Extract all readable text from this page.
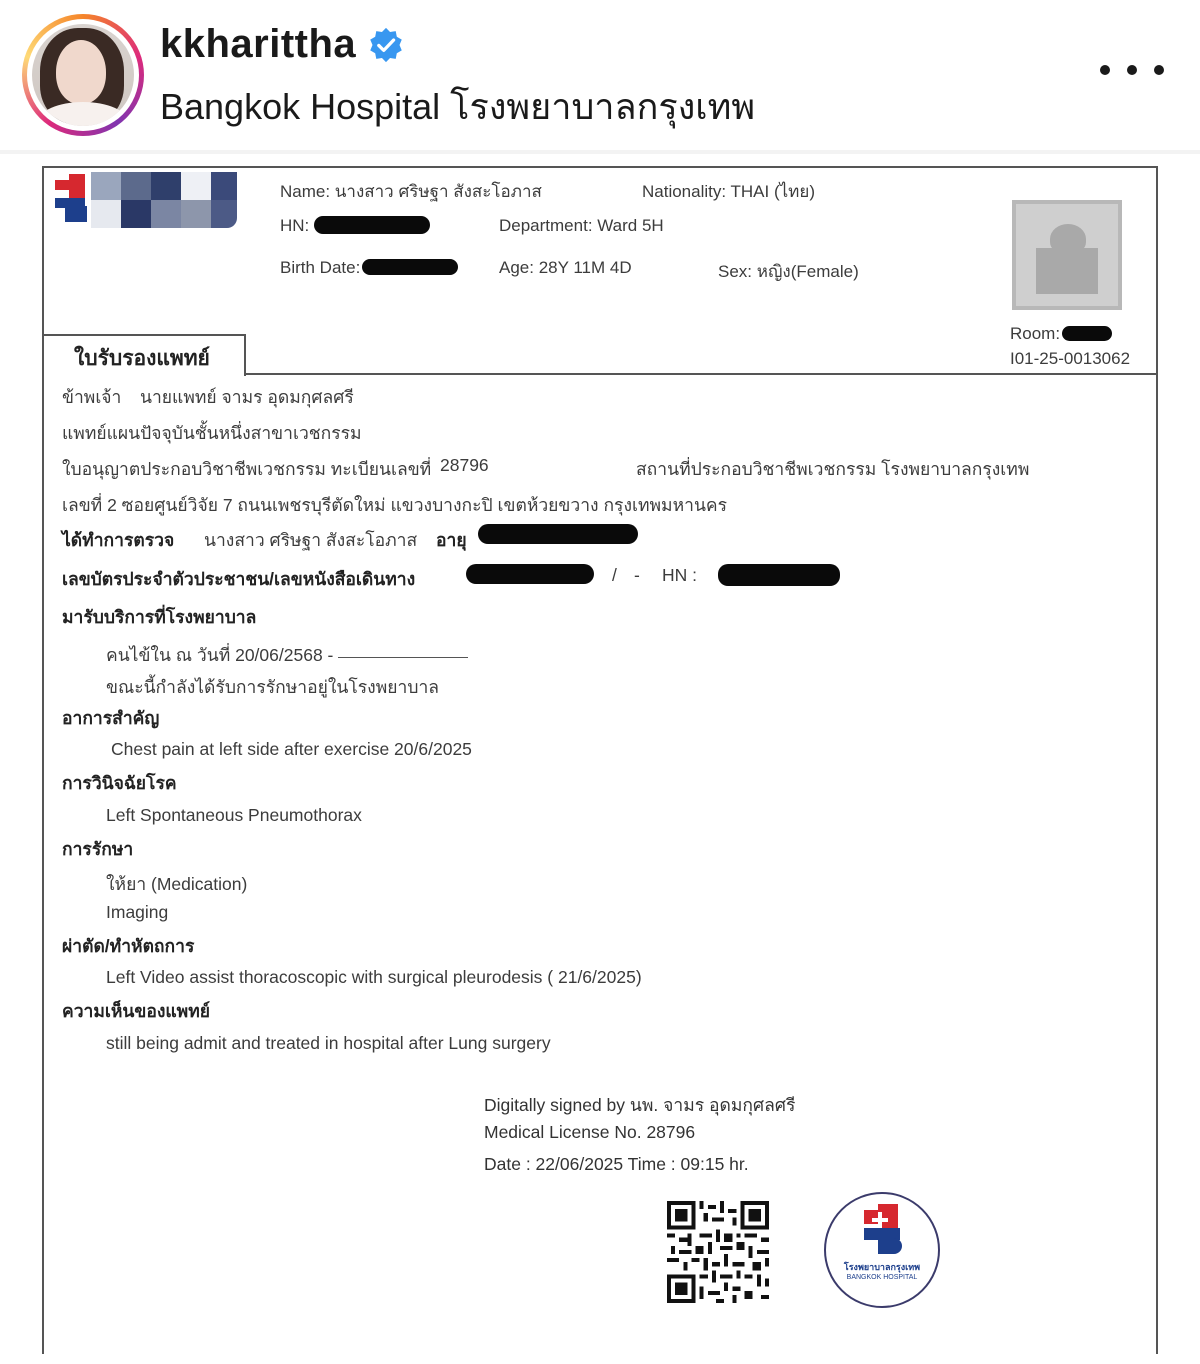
kkharittha
Bangkok Hospital โรงพยาบาลกรุงเทพ
Name: นางสาว ศริษฐา สังสะโอภาส	Nationality: THAI (ไทย)
HN:	Department: Ward 5H
Birth Date:	Age: 28Y 11M 4D	Sex: หญิง(Female)
Room:
I01-25-0013062
ใบรับรองแพทย์
ข้าพเจ้า นายแพทย์ จามร อุดมกุศลศรี
แพทย์แผนปัจจุบันชั้นหนึ่งสาขาเวชกรรม
ใบอนุญาตประกอบวิชาชีพเวชกรรม ทะเบียนเลขที่ 28796	สถานที่ประกอบวิชาชีพเวชกรรม โรงพยาบาลกรุงเทพ
เลขที่ 2 ซอยศูนย์วิจัย 7 ถนนเพชรบุรีตัดใหม่ แขวงบางกะปิ เขตห้วยขวาง กรุงเทพมหานคร
ได้ทำการตรวจ นางสาว ศริษฐา สังสะโอภาส อายุ
เลขบัตรประจำตัวประชาชน/เลขหนังสือเดินทาง	/ - HN :
มารับบริการที่โรงพยาบาล
คนไข้ใน ณ วันที่ 20/06/2568 -
ขณะนี้กำลังได้รับการรักษาอยู่ในโรงพยาบาล
อาการสำคัญ
Chest pain at left side after exercise 20/6/2025
การวินิจฉัยโรค
Left Spontaneous Pneumothorax
การรักษา
ให้ยา (Medication)
Imaging
ผ่าตัด/ทำหัตถการ
Left Video assist thoracoscopic with surgical pleurodesis ( 21/6/2025)
ความเห็นของแพทย์
still being admit and treated in hospital after Lung surgery
Digitally signed by นพ. จามร อุดมกุศลศรี
Medical License No. 28796
Date : 22/06/2025 Time : 09:15 hr.
โรงพยาบาลกรุงเทพ
BANGKOK HOSPITAL
